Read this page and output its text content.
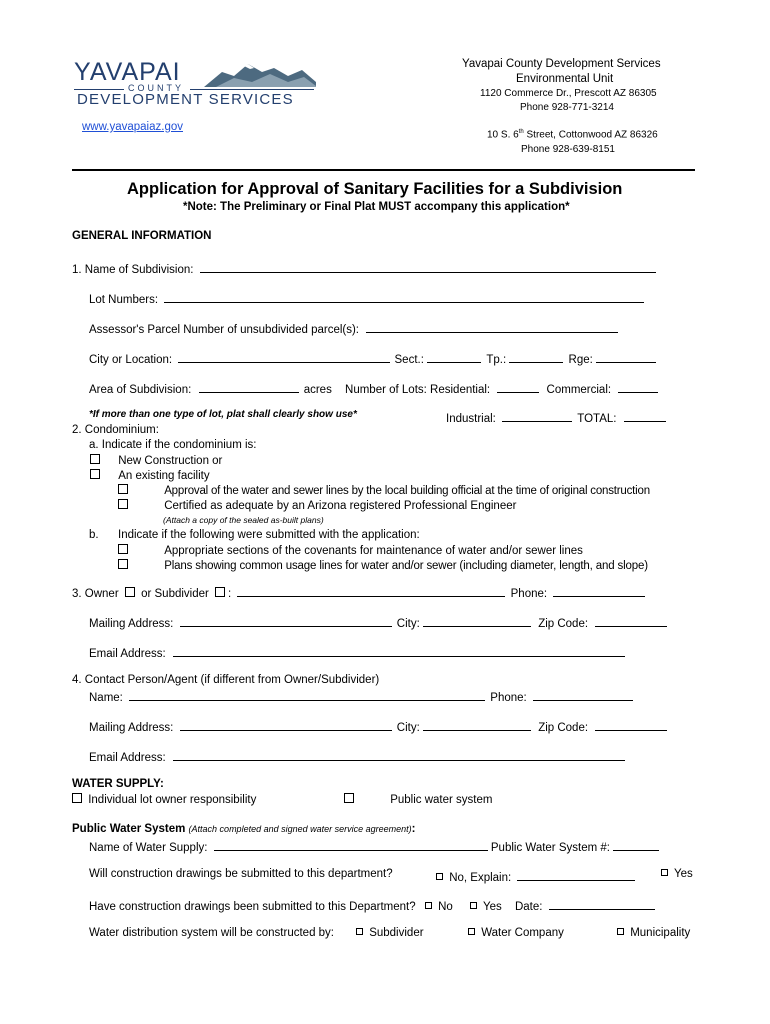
YAVAPAI
COUNTY
DEVELOPMENT SERVICES
www.yavapaiaz.gov
Yavapai County Development Services
Environmental Unit
1120 Commerce Dr., Prescott AZ 86305
Phone 928-771-3214
10 S. 6th Street, Cottonwood AZ 86326
Phone 928-639-8151
Application for Approval of Sanitary Facilities for a Subdivision
*Note: The Preliminary or Final Plat MUST accompany this application*
GENERAL INFORMATION
1. Name of Subdivision:
Lot Numbers:
Assessor's Parcel Number of unsubdivided parcel(s):
City or Location:	Sect.:	Tp.:	Rge:
Area of Subdivision:	acres Number of Lots: Residential:	Commercial:
*If more than one type of lot, plat shall clearly show use*	Industrial:	TOTAL:
2. Condominium:
a. Indicate if the condominium is:
New Construction or
An existing facility
Approval of the water and sewer lines by the local building official at the time of original construction
Certified as adequate by an Arizona registered Professional Engineer
(Attach a copy of the sealed as-built plans)
b. Indicate if the following were submitted with the application:
Appropriate sections of the covenants for maintenance of water and/or sewer lines
Plans showing common usage lines for water and/or sewer (including diameter, length, and slope)
3. Owner or Subdivider :	Phone:
Mailing Address:	City:	Zip Code:
Email Address:
4. Contact Person/Agent (if different from Owner/Subdivider)
Name:	Phone:
Mailing Address:	City:	Zip Code:
Email Address:
WATER SUPPLY:
Individual lot owner responsibility	Public water system
Public Water System (Attach completed and signed water service agreement):
Name of Water Supply:	Public Water System #:
Will construction drawings be submitted to this department?	No, Explain:	Yes
Have construction drawings been submitted to this Department? No	Yes Date:
Water distribution system will be constructed by:	Subdivider	Water Company	Municipality
